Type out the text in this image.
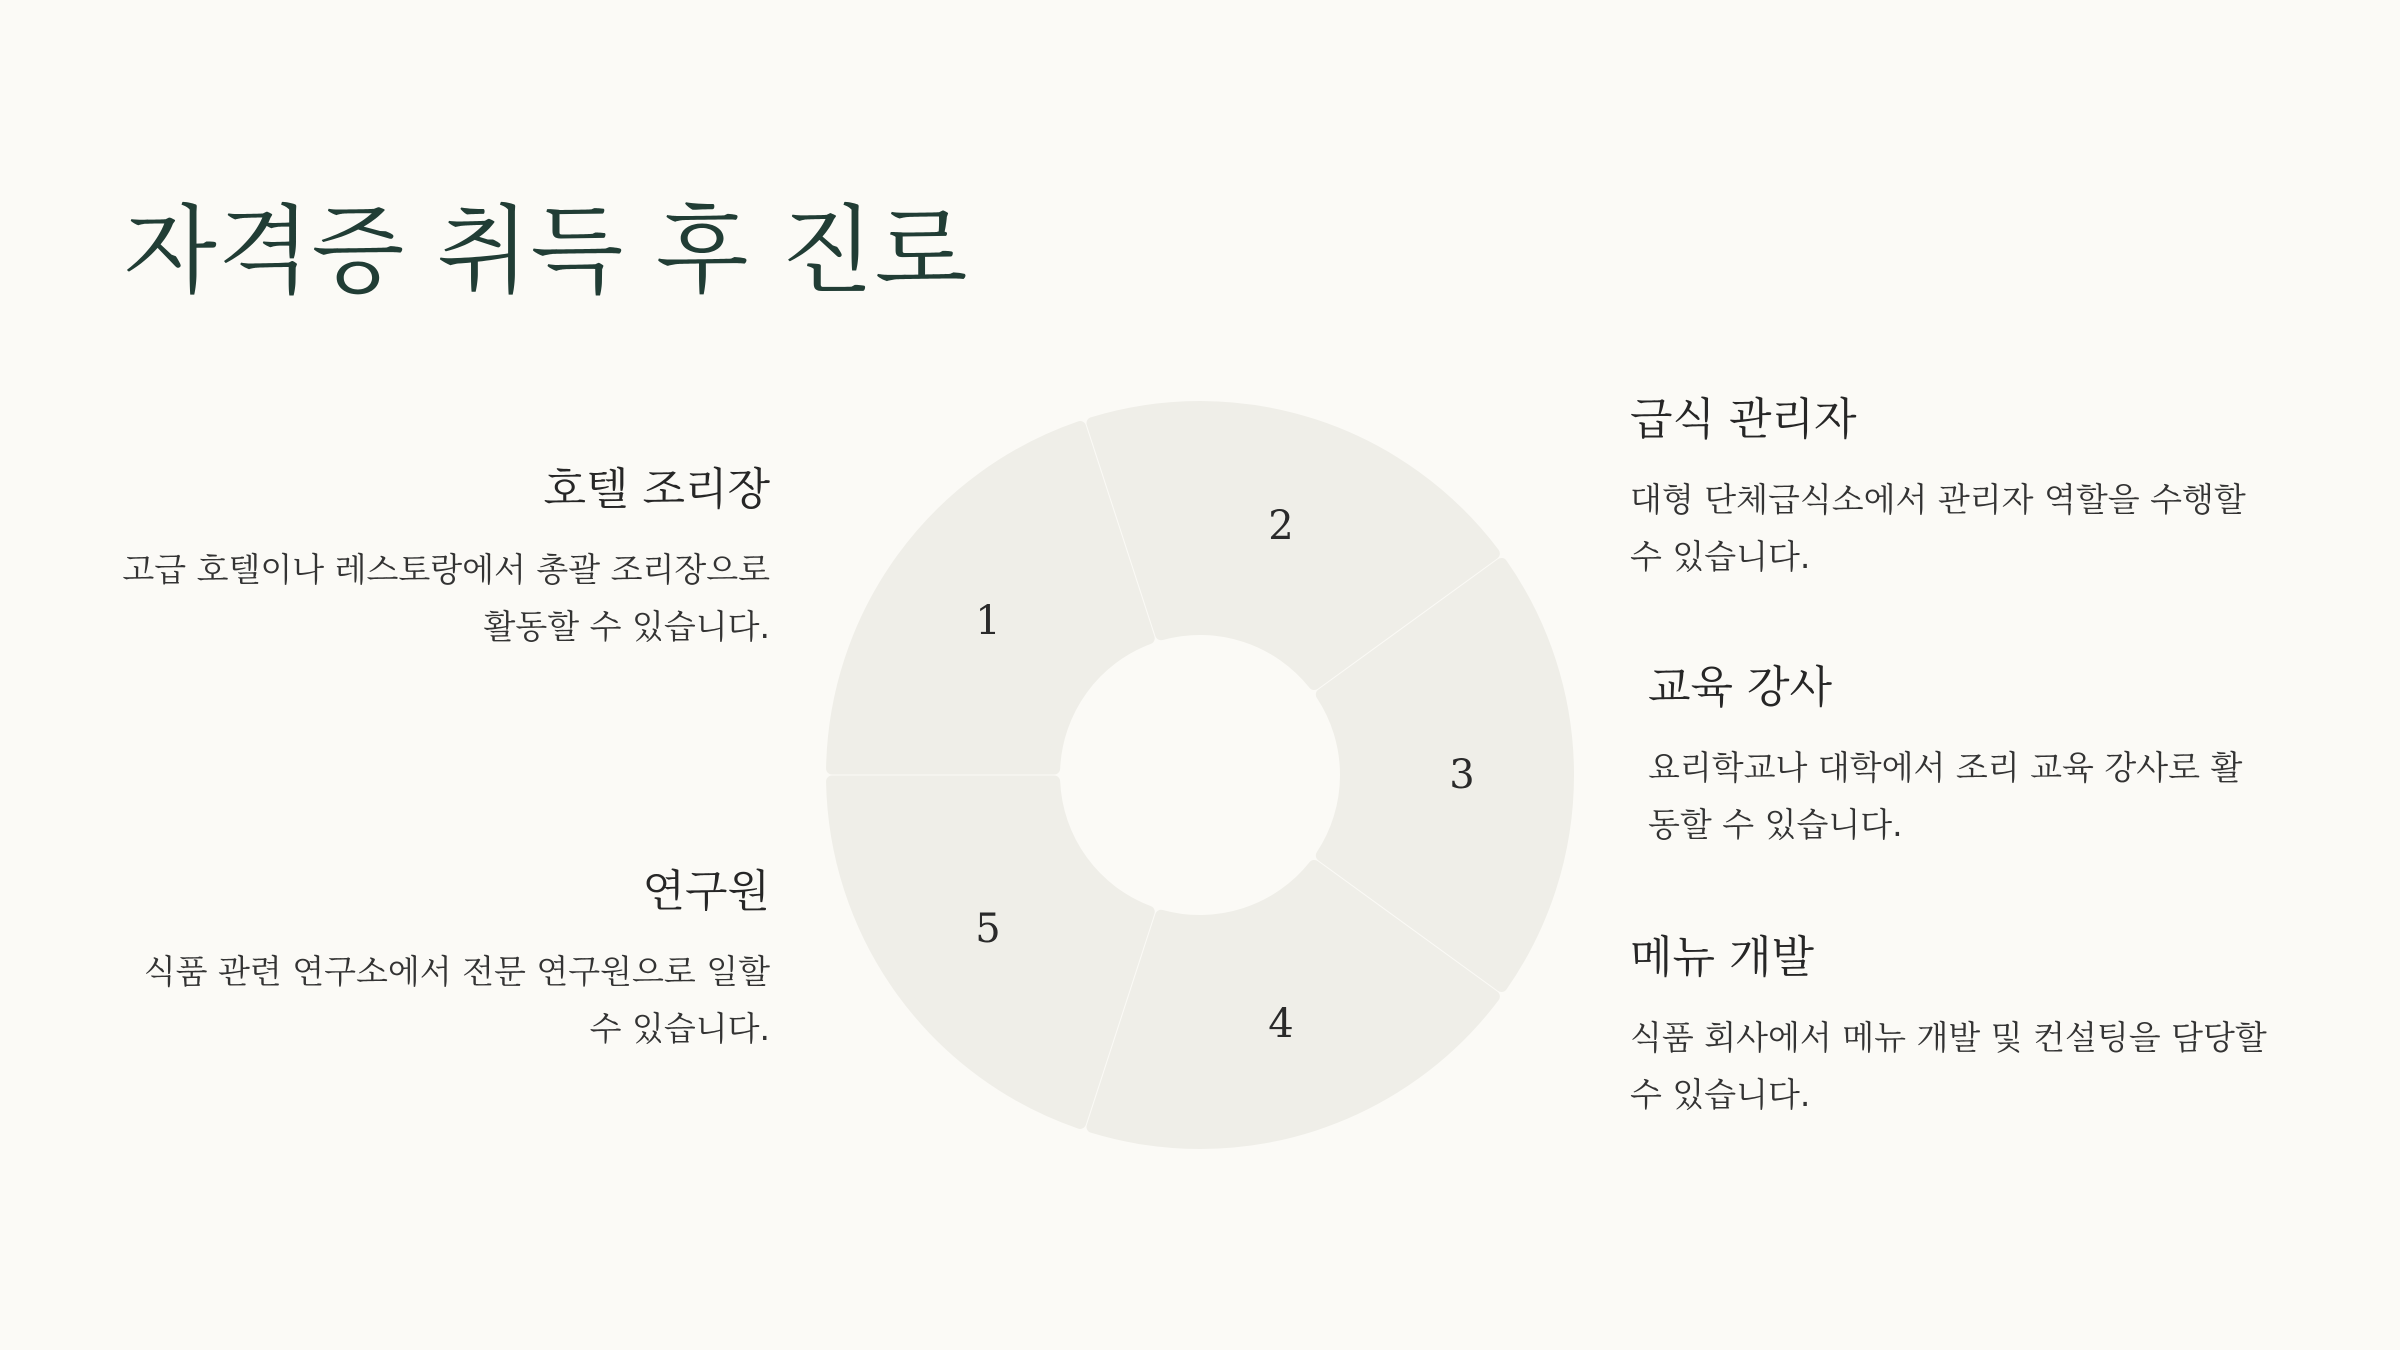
자격증 취득 후 진로
호텔 조리장

고급 호텔이나 레스토랑에서 총괄 조리장으로 활동할 수 있습니다.

연구원

식품 관련 연구소에서 전문 연구원으로 일할 수 있습니다.

급식 관리자

대형 단체급식소에서 관리자 역할을 수행할 수 있습니다.

교육 강사

요리학교나 대학에서 조리 교육 강사로 활동할 수 있습니다.

메뉴 개발

식품 회사에서 메뉴 개발 및 컨설팅을 담당할 수 있습니다.

1
2
3
4
5
